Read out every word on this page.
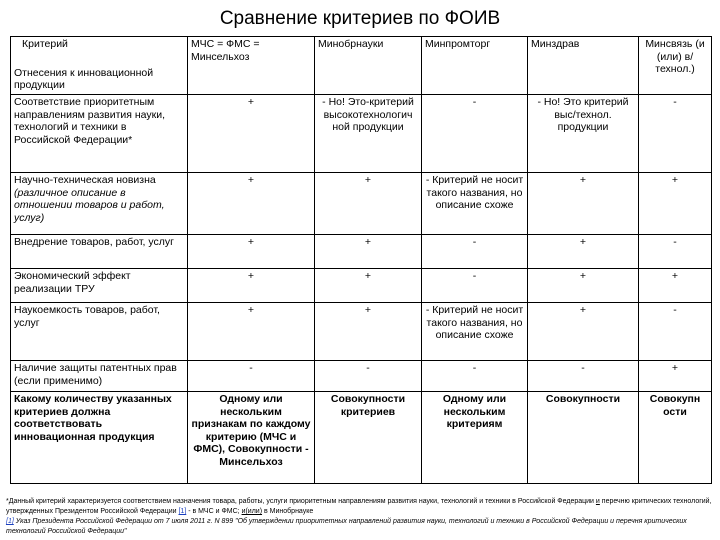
Сравнение критериев по ФОИВ
Критерий
Отнесения к инновационной продукции	МЧС = ФМС = Минсельхоз	Минобрнауки	Минпромторг	Минздрав	Минсвязь (и (или) в/технол.)
Соответствие приоритетным направлениям развития науки, технологий и техники в Российской Федерации*	+	- Но! Это-критерий высокотехнологич ной продукции	-	- Но! Это критерий выс/технол. продукции	-
Научно-техническая новизна
(различное описание в отношении товаров и работ, услуг)	+	+	- Критерий не носит такого названия, но описание схоже	+	+
Внедрение товаров, работ, услуг	+	+	-	+	-
Экономический эффект реализации ТРУ	+	+	-	+	+
Наукоемкость товаров, работ, услуг	+	+	- Критерий не носит такого названия, но описание схоже	+	-
Наличие защиты патентных прав (если применимо)	-	-	-	-	+
Какому количеству указанных критериев должна соответствовать инновационная продукция	Одному или нескольким признакам по каждому критерию (МЧС и ФМС), Совокупности - Минсельхоз	Совокупности критериев	Одному или нескольким критериям	Совокупности	Совокупн ости
*Данный критерий характеризуется соответствием назначения товара, работы, услуги приоритетным направлениям развития науки, технологий и техники в Российской Федерации и перечню критических технологий, утвержденных Президентом Российской Федерации [1] - в МЧС и ФМС; и(или) в Минобрнауке
[1] Указ Президента Российской Федерации от 7 июля 2011 г. N 899 "Об утверждении приоритетных направлений развития науки, технологий и техники в Российской Федерации и перечня критических технологий Российской Федерации"
